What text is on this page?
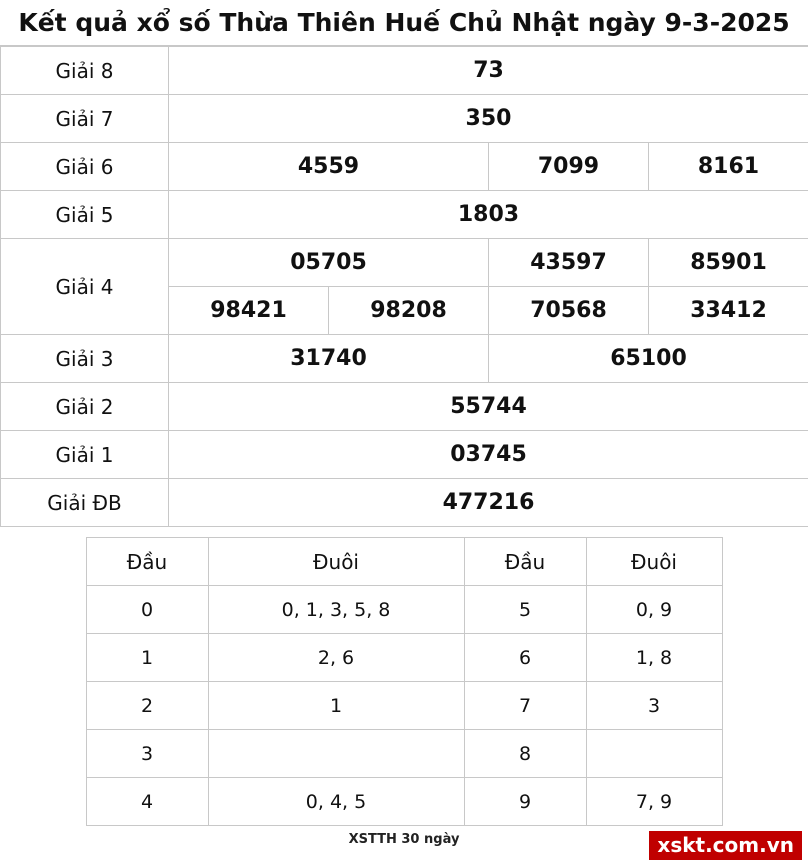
Kết quả xổ số Thừa Thiên Huế Chủ Nhật ngày 9-3-2025
Giải 8	73			
Giải 7	350			
Giải 6	4559		7099	8161
Giải 5	1803			
Giải 4	05705		43597	85901
	98421	98208	70568	33412
Giải 3	31740		65100	
Giải 2	55744			
Giải 1	03745			
Giải ĐB	477216			
Đầu	Đuôi	Đầu	Đuôi
0	0, 1, 3, 5, 8	5	0, 9
1	2, 6	6	1, 8
2	1	7	3
3		8	
4	0, 4, 5	9	7, 9
XSTTH 30 ngày	xskt.com.vn
